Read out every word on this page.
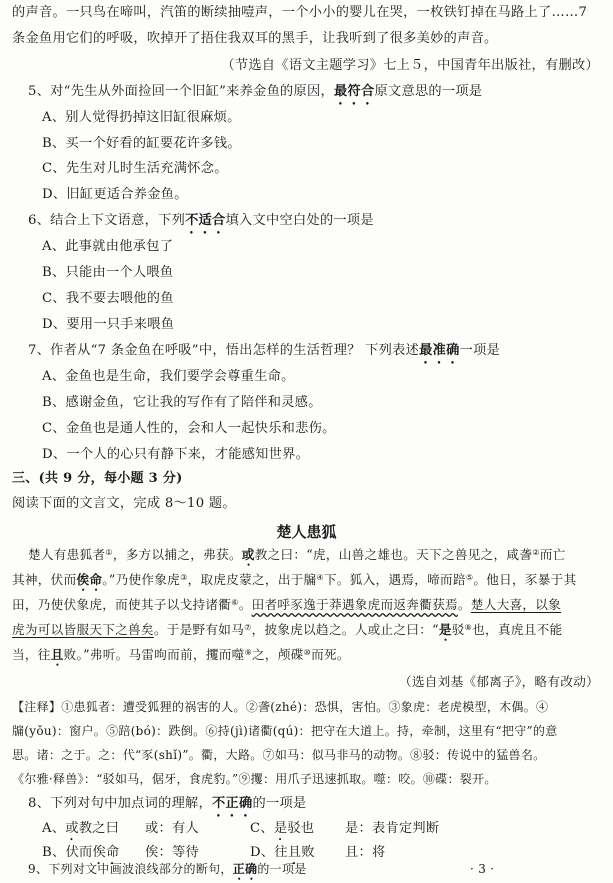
的声音。一只鸟在啼叫，汽笛的断续抽噎声，一个小小的婴儿在哭，一枚铁钉掉在马路上了……7
条金鱼用它们的呼吸，吹掉开了捂住我双耳的黑手，让我听到了很多美妙的声音。
（节选自《语文主题学习》七上５，中国青年出版社，有删改）
5、对“先生从外面捡回一个旧缸”来养金鱼的原因，最符合原文意思的一项是
A、别人觉得扔掉这旧缸很麻烦。
B、买一个好看的缸要花许多钱。
C、先生对儿时生活充满怀念。
D、旧缸更适合养金鱼。
6、结合上下文语意，下列不适合填入文中空白处的一项是
A、此事就由他承包了
B、只能由一个人喂鱼
C、我不要去喂他的鱼
D、要用一只手来喂鱼
7、作者从“7 条金鱼在呼吸”中，悟出怎样的生活哲理？ 下列表述最准确一项是
A、金鱼也是生命，我们要学会尊重生命。
B、感谢金鱼，它让我的写作有了陪伴和灵感。
C、金鱼也是通人性的，会和人一起快乐和悲伤。
D、一个人的心只有静下来，才能感知世界。
三、(共 9 分，每小题 3 分)
阅读下面的文言文，完成 8～10 题。
楚人患狐
楚人有患狐者①，多方以捕之，弗获。或教之曰：“虎，山兽之雄也。天下之兽见之，咸詟②而亡
其神，伏而俟命。”乃使作象虎③，取虎皮蒙之，出于牖④下。狐入，遇焉，啼而踣⑤。他日，豕暴于其
田，乃使伏象虎，而使其子以戈持诸衢⑥。田者呼豕逸于莽遇象虎而返奔衢获焉。楚人大喜，以象
虎为可以皆服天下之兽矣。于是野有如马⑦，披象虎以趋之。人或止之曰：“是驳⑧也，真虎且不能
当，往且败。”弗听。马雷呴而前，攫而噬⑨之，颅碟⑩而死。
（选自刘基《郁离子》，略有改动）
【注释】①患狐者：遭受狐狸的祸害的人。②詟(zhé)：恐惧，害怕。③象虎：老虎模型，木偶。④
牖(yǒu)：窗户。⑤踣(bó)：跌倒。⑥持(jì)诸衢(qú)：把守在大道上。持，牵制，这里有“把守”的意
思。诸：之于。之：代“豕(shǐ)”。衢，大路。⑦如马：似马非马的动物。⑧驳：传说中的猛兽名。
《尔雅·释兽》：“驳如马，倨牙，食虎豹。”⑨攫：用爪子迅速抓取。噬：咬。⑩碟：裂开。
8、下列对句中加点词的理解，不正确的一项是
A、或教之曰 或：有人
B、伏而俟命 俟：等待
C、是驳也 是：表肯定判断
D、往且败 且：将
9、下列对文中画波浪线部分的断句，正确的一项是	· 3 ·
